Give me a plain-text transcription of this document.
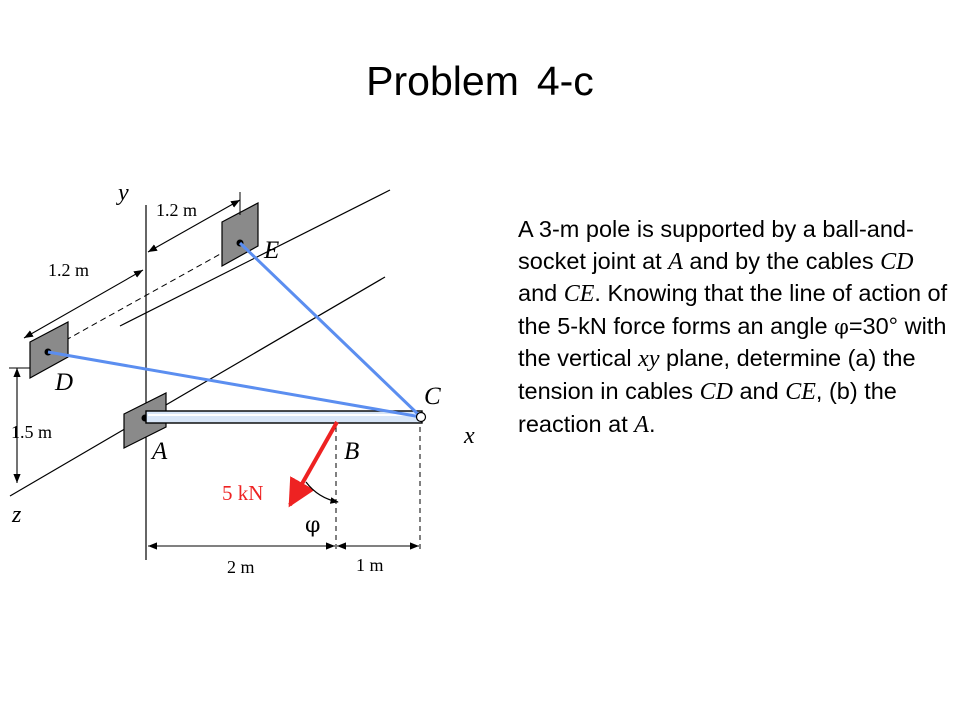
Problem 4-c
y
x
z
E
D
C
A	B
1.2 m
1.2 m
1.5 m
2 m	1 m
5 kN
φ
A 3-m pole is supported by a ball-and-socket joint at A and by the cables CD and CE. Knowing that the line of action of the 5-kN force forms an angle φ=30° with the vertical xy plane, determine (a) the tension in cables CD and CE, (b) the reaction at A.
